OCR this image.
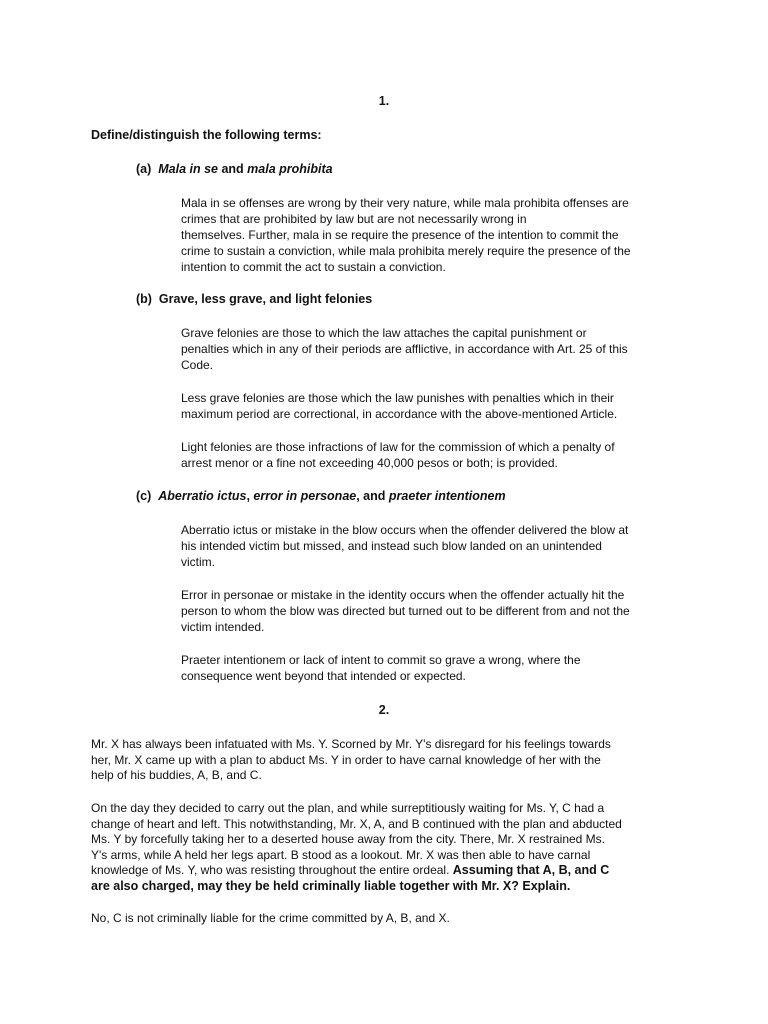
1.
Define/distinguish the following terms:
(a) Mala in se and mala prohibita

Mala in se offenses are wrong by their very nature, while mala prohibita offenses are

crimes that are prohibited by law but are not necessarily wrong in

themselves. Further, mala in se require the presence of the intention to commit the

crime to sustain a conviction, while mala prohibita merely require the presence of the

intention to commit the act to sustain a conviction.

(b) Grave, less grave, and light felonies

Grave felonies are those to which the law attaches the capital punishment or

penalties which in any of their periods are afflictive, in accordance with Art. 25 of this

Code.

Less grave felonies are those which the law punishes with penalties which in their

maximum period are correctional, in accordance with the above-mentioned Article.

Light felonies are those infractions of law for the commission of which a penalty of

arrest menor or a fine not exceeding 40,000 pesos or both; is provided.

(c) Aberratio ictus, error in personae, and praeter intentionem

Aberratio ictus or mistake in the blow occurs when the offender delivered the blow at

his intended victim but missed, and instead such blow landed on an unintended

victim.

Error in personae or mistake in the identity occurs when the offender actually hit the

person to whom the blow was directed but turned out to be different from and not the

victim intended.

Praeter intentionem or lack of intent to commit so grave a wrong, where the

consequence went beyond that intended or expected.

2.

Mr. X has always been infatuated with Ms. Y. Scorned by Mr. Y's disregard for his feelings towards

her, Mr. X came up with a plan to abduct Ms. Y in order to have carnal knowledge of her with the

help of his buddies, A, B, and C.

On the day they decided to carry out the plan, and while surreptitiously waiting for Ms. Y, C had a

change of heart and left. This notwithstanding, Mr. X, A, and B continued with the plan and abducted

Ms. Y by forcefully taking her to a deserted house away from the city. There, Mr. X restrained Ms.

Y's arms, while A held her legs apart. B stood as a lookout. Mr. X was then able to have carnal

knowledge of Ms. Y, who was resisting throughout the entire ordeal. Assuming that A, B, and C

are also charged, may they be held criminally liable together with Mr. X? Explain.

No, C is not criminally liable for the crime committed by A, B, and X.
